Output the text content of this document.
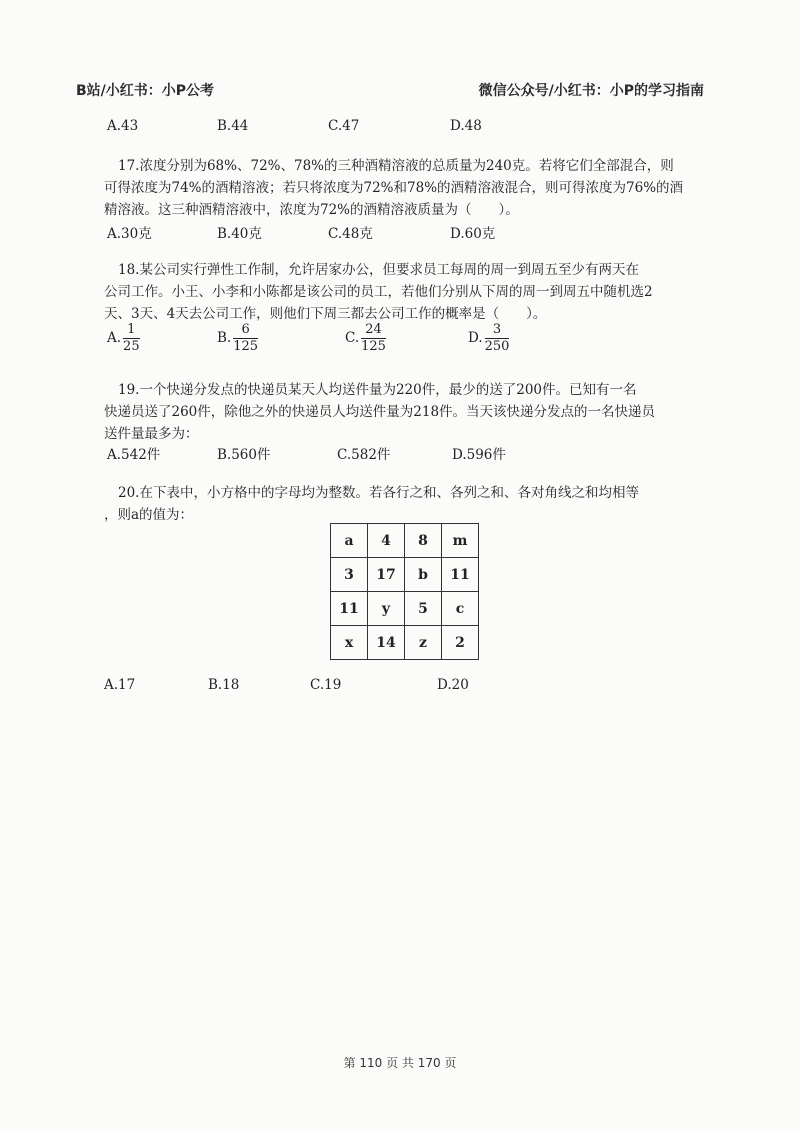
B站/小红书：小P公考	微信公众号/小红书：小P的学习指南
A.43	B.44	C.47	D.48

17.浓度分别为68%、72%、78%的三种酒精溶液的总质量为240克。若将它们全部混合，则

可得浓度为74%的酒精溶液；若只将浓度为72%和78%的酒精溶液混合，则可得浓度为76%的酒

精溶液。这三种酒精溶液中，浓度为72%的酒精溶液质量为（　　）。

A.30克	B.40克	C.48克	D.60克

18.某公司实行弹性工作制，允许居家办公，但要求员工每周的周一到周五至少有两天在

公司工作。小王、小李和小陈都是该公司的员工，若他们分别从下周的周一到周五中随机选2

天、3天、4天去公司工作，则他们下周三都去公司工作的概率是（　　）。

A. $\frac{1}{25}$	B. $\frac{6}{125}$	C. $\frac{24}{125}$	D. $\frac{3}{250}$

19.一个快递分发点的快递员某天人均送件量为220件，最少的送了200件。已知有一名

快递员送了260件，除他之外的快递员人均送件量为218件。当天该快递分发点的一名快递员

送件量最多为：

A.542件	B.560件	C.582件	D.596件

20.在下表中，小方格中的字母均为整数。若各行之和、各列之和、各对角线之和均相等

，则a的值为：

a	4	8	m
3	17	b	11
11	y	5	c
x	14	z	2
A.17	B.18	C.19	D.20
第 110 页 共 170 页
